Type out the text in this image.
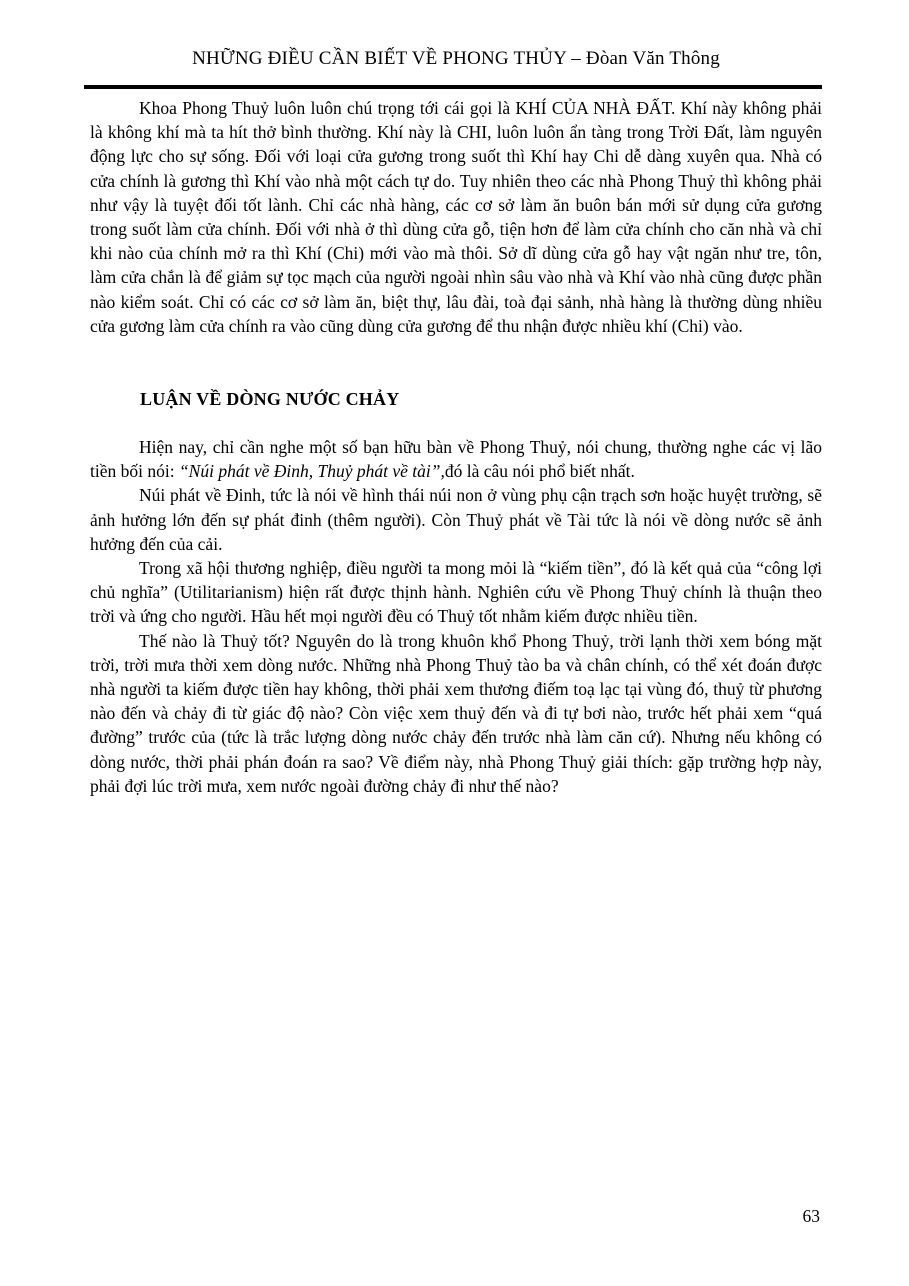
NHỮNG ĐIỀU CẦN BIẾT VỀ PHONG THỦY – Đòan Văn Thông

Khoa Phong Thuỷ luôn luôn chú trọng tới cái gọi là KHÍ CỦA NHÀ ĐẤT. Khí này không phải là không khí mà ta hít thở bình thường. Khí này là CHI, luôn luôn ẩn tàng trong Trời Đất, làm nguyên động lực cho sự sống. Đối với loại cửa gương trong suốt thì Khí hay Chi dễ dàng xuyên qua. Nhà có cửa chính là gương thì Khí vào nhà một cách tự do. Tuy nhiên theo các nhà Phong Thuỷ thì không phải như vậy là tuyệt đối tốt lành. Chỉ các nhà hàng, các cơ sở làm ăn buôn bán mới sử dụng cửa gương trong suốt làm cửa chính. Đối với nhà ở thì dùng cửa gỗ, tiện hơn để làm cửa chính cho căn nhà và chỉ khi nào của chính mở ra thì Khí (Chi) mới vào mà thôi. Sở dĩ dùng cửa gỗ hay vật ngăn như tre, tôn, làm cửa chắn là để giảm sự tọc mạch của người ngoài nhìn sâu vào nhà và Khí vào nhà cũng được phần nào kiểm soát. Chỉ có các cơ sở làm ăn, biệt thự, lâu đài, toà đại sảnh, nhà hàng là thường dùng nhiều cửa gương làm cửa chính ra vào cũng dùng cửa gương để thu nhận được nhiều khí (Chi) vào.

LUẬN VỀ DÒNG NƯỚC CHẢY

Hiện nay, chỉ cần nghe một số bạn hữu bàn về Phong Thuỷ, nói chung, thường nghe các vị lão tiền bối nói: “Núi phát về Đinh, Thuỷ phát về tài”,đó là câu nói phổ biết nhất.

Núi phát về Đinh, tức là nói về hình thái núi non ở vùng phụ cận trạch sơn hoặc huyệt trường, sẽ ảnh hưởng lớn đến sự phát đinh (thêm người). Còn Thuỷ phát về Tài tức là nói về dòng nước sẽ ảnh hưởng đến của cải.

Trong xã hội thương nghiệp, điều người ta mong mỏi là “kiếm tiền”, đó là kết quả của “công lợi chủ nghĩa” (Utilitarianism) hiện rất được thịnh hành. Nghiên cứu về Phong Thuỷ chính là thuận theo trời và ứng cho người. Hầu hết mọi người đều có Thuỷ tốt nhằm kiếm được nhiều tiền.

Thế nào là Thuỷ tốt? Nguyên do là trong khuôn khổ Phong Thuỷ, trời lạnh thời xem bóng mặt trời, trời mưa thời xem dòng nước. Những nhà Phong Thuỷ tào ba và chân chính, có thể xét đoán được nhà người ta kiếm được tiền hay không, thời phải xem thương điếm toạ lạc tại vùng đó, thuỷ từ phương nào đến và chảy đi từ giác độ nào? Còn việc xem thuỷ đến và đi tự bơi nào, trước hết phải xem “quá đường” trước của (tức là trắc lượng dòng nước chảy đến trước nhà làm căn cứ). Nhưng nếu không có dòng nước, thời phải phán đoán ra sao? Về điểm này, nhà Phong Thuỷ giải thích: gặp trường hợp này, phải đợi lúc trời mưa, xem nước ngoài đường chảy đi như thế nào?

63
